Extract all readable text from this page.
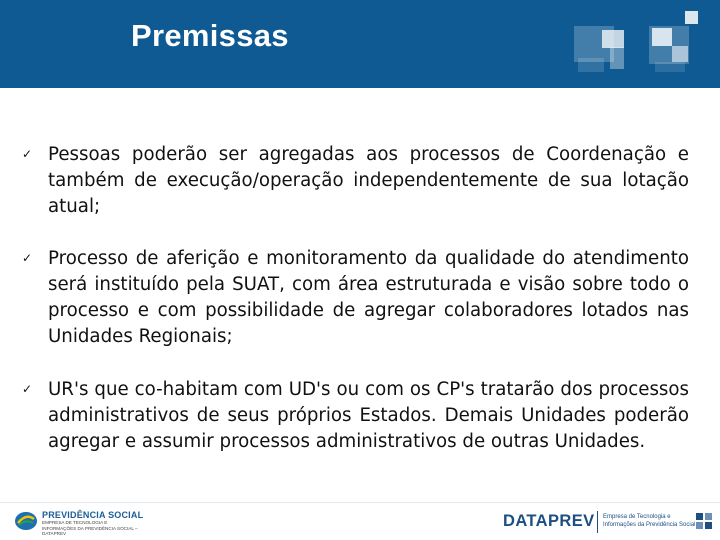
Premissas
✓ Pessoas poderão ser agregadas aos processos de Coordenação e também de execução/operação independentemente de sua lotação atual;
✓ Processo de aferição e monitoramento da qualidade do atendimento será instituído pela SUAT, com área estruturada e visão sobre todo o processo e com possibilidade de agregar colaboradores lotados nas Unidades Regionais;
✓ UR's que co-habitam com UD's ou com os CP's tratarão dos processos administrativos de seus próprios Estados. Demais Unidades poderão agregar e assumir processos administrativos de outras Unidades.
PREVIDÊNCIA SOCIAL
EMPRESA DE TECNOLOGIA E INFORMAÇÕES DA PREVIDÊNCIA SOCIAL – DATAPREV
DATAPREV Empresa de Tecnologia e Informações da Previdência Social
